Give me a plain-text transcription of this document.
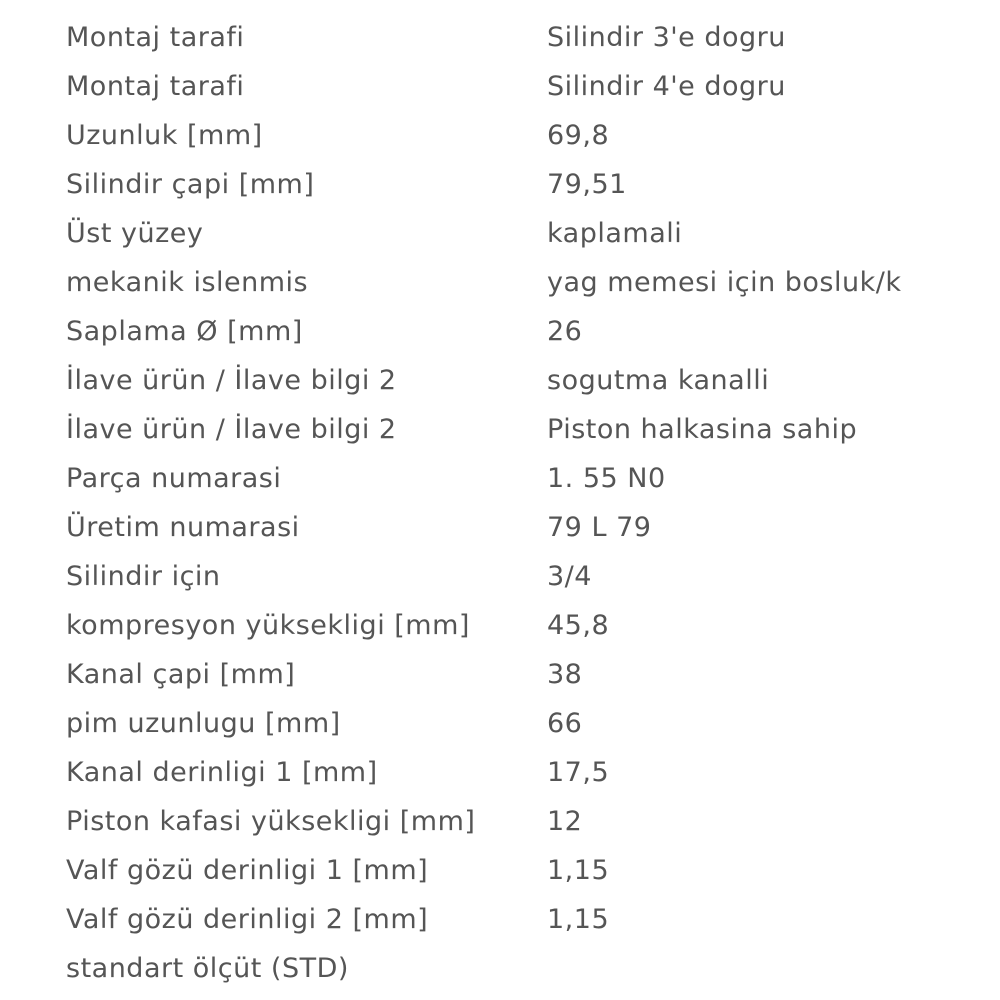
Montaj tarafi	Silindir 3'e dogru
Montaj tarafi	Silindir 4'e dogru
Uzunluk [mm]	69,8
Silindir çapi [mm]	79,51
Üst yüzey	kaplamali
mekanik islenmis	yag memesi için bosluk/k
Saplama Ø [mm]	26
İlave ürün / İlave bilgi 2	sogutma kanalli
İlave ürün / İlave bilgi 2	Piston halkasina sahip
Parça numarasi	1. 55 N0
Üretim numarasi	79 L 79
Silindir için	3/4
kompresyon yüksekligi [mm]	45,8
Kanal çapi [mm]	38
pim uzunlugu [mm]	66
Kanal derinligi 1 [mm]	17,5
Piston kafasi yüksekligi [mm]	12
Valf gözü derinligi 1 [mm]	1,15
Valf gözü derinligi 2 [mm]	1,15
standart ölçüt (STD)	
